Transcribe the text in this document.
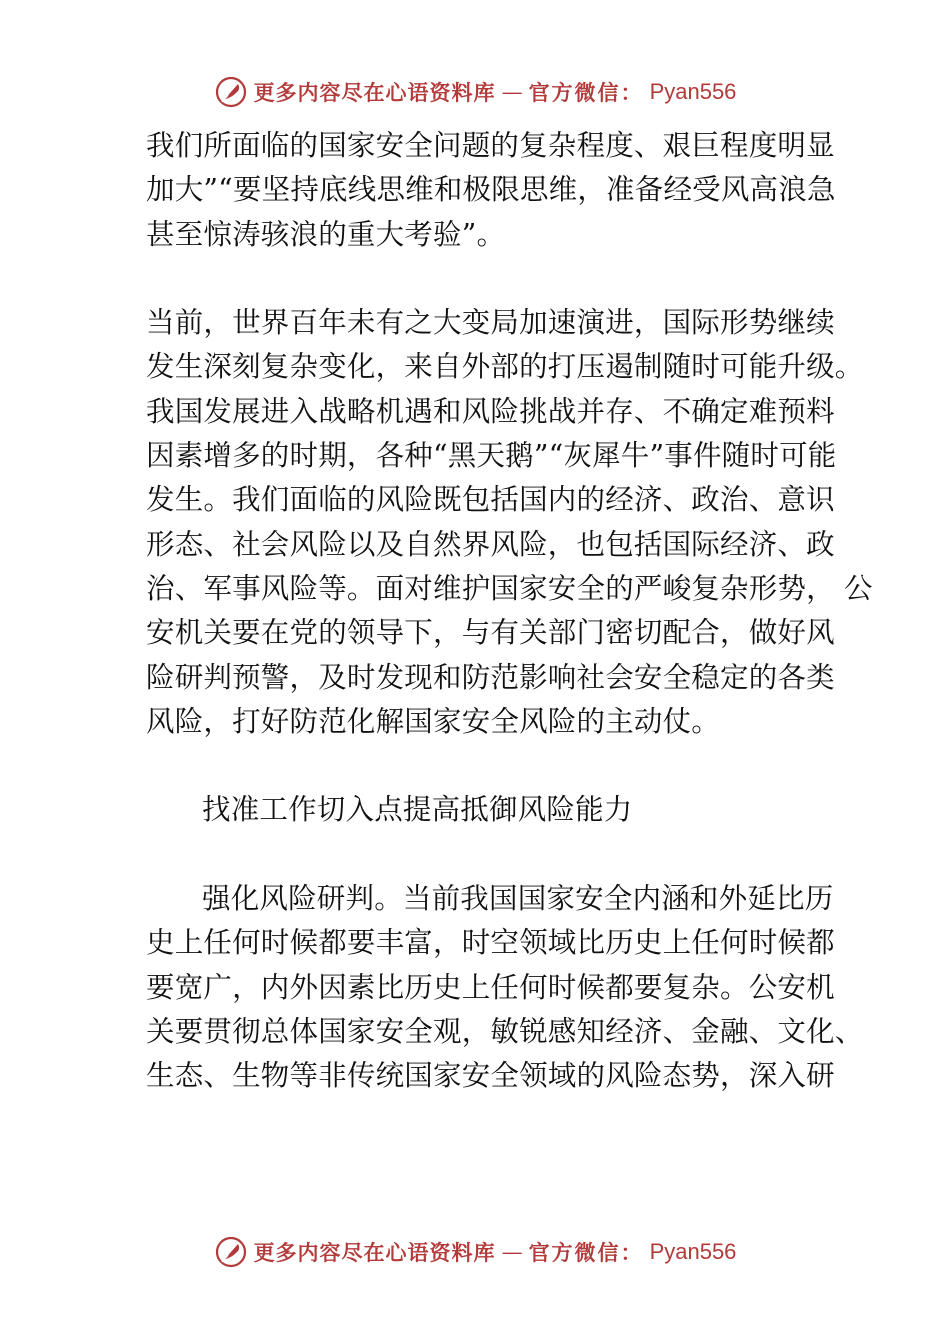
更多内容尽在心语资料库 — 官方微信： Pyan556
我们所面临的国家安全问题的复杂程度、艰巨程度明显
加大”“要坚持底线思维和极限思维，准备经受风高浪急
甚至惊涛骇浪的重大考验”。
当前，世界百年未有之大变局加速演进，国际形势继续
发生深刻复杂变化，来自外部的打压遏制随时可能升级。
我国发展进入战略机遇和风险挑战并存、不确定难预料
因素增多的时期，各种“黑天鹅”“灰犀牛”事件随时可能
发生。我们面临的风险既包括国内的经济、政治、意识
形态、社会风险以及自然界风险，也包括国际经济、政
治、军事风险等。面对维护国家安全的严峻复杂形势， 公
安机关要在党的领导下，与有关部门密切配合，做好风
险研判预警，及时发现和防范影响社会安全稳定的各类
风险，打好防范化解国家安全风险的主动仗。
找准工作切入点提高抵御风险能力
强化风险研判。当前我国国家安全内涵和外延比历
史上任何时候都要丰富，时空领域比历史上任何时候都
要宽广，内外因素比历史上任何时候都要复杂。公安机
关要贯彻总体国家安全观，敏锐感知经济、金融、文化、
生态、生物等非传统国家安全领域的风险态势，深入研
更多内容尽在心语资料库 — 官方微信： Pyan556
